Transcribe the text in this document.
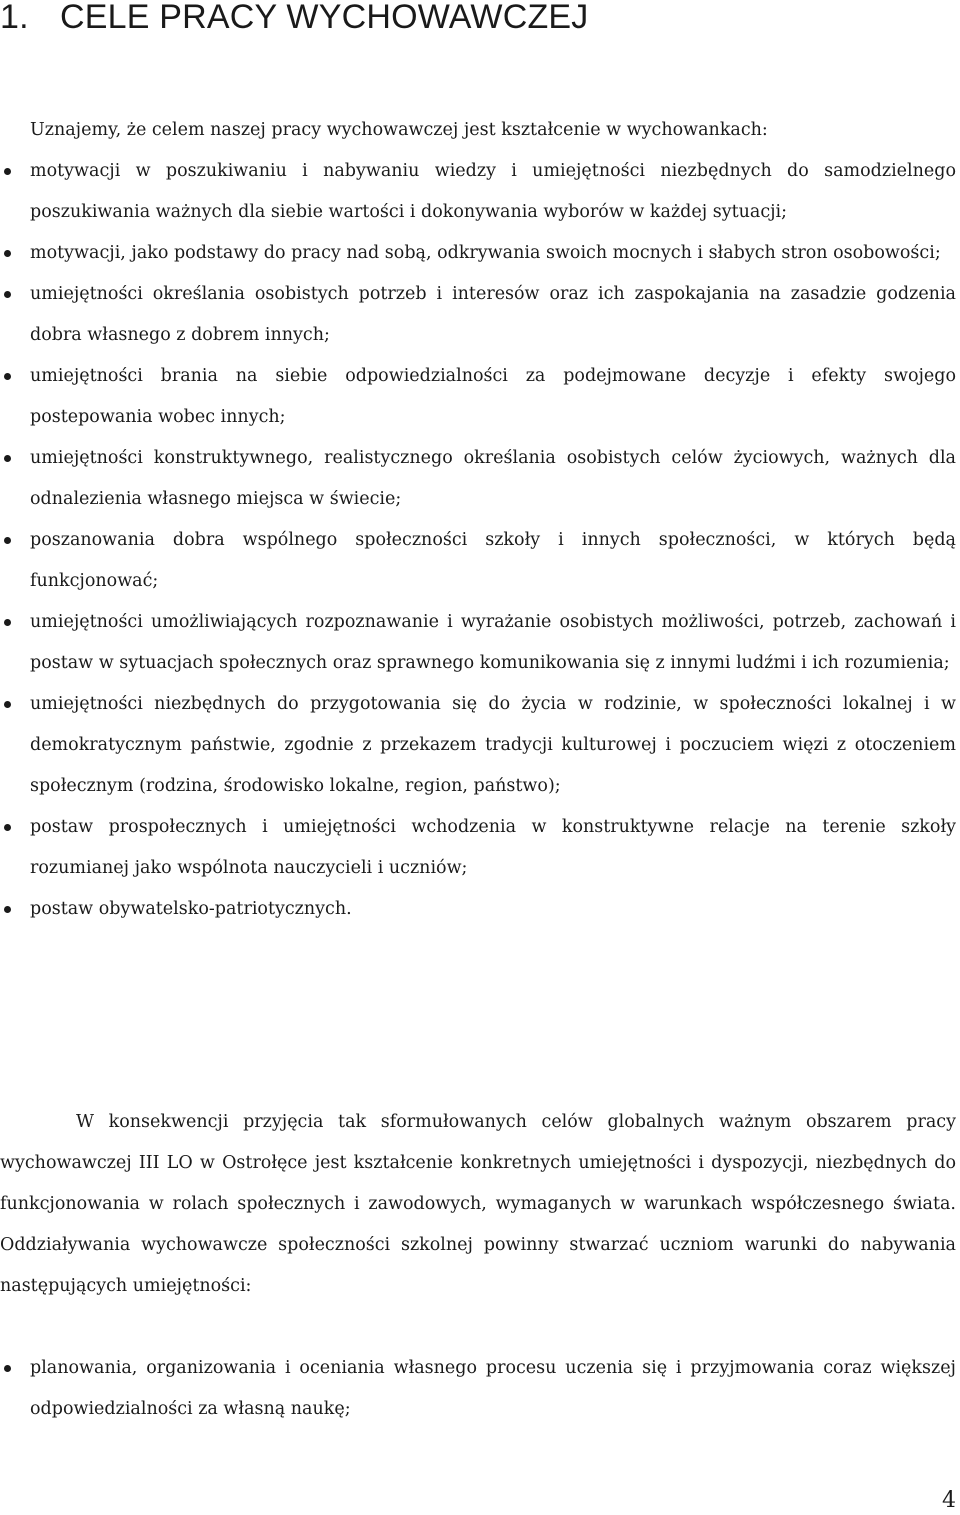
1. CELE PRACY WYCHOWAWCZEJ

Uznajemy, że celem naszej pracy wychowawczej jest kształcenie w wychowankach:

motywacji w poszukiwaniu i nabywaniu wiedzy i umiejętności niezbędnych do samodzielnego poszukiwania ważnych dla siebie wartości i dokonywania wyborów w każdej sytuacji;
motywacji, jako podstawy do pracy nad sobą, odkrywania swoich mocnych i słabych stron osobowości;
umiejętności określania osobistych potrzeb i interesów oraz ich zaspokajania na zasadzie godzenia dobra własnego z dobrem innych;
umiejętności brania na siebie odpowiedzialności za podejmowane decyzje i efekty swojego postepowania wobec innych;
umiejętności konstruktywnego, realistycznego określania osobistych celów życiowych, ważnych dla odnalezienia własnego miejsca w świecie;
poszanowania dobra wspólnego społeczności szkoły i innych społeczności, w których będą funkcjonować;
umiejętności umożliwiających rozpoznawanie i wyrażanie osobistych możliwości, potrzeb, zachowań i postaw w sytuacjach społecznych oraz sprawnego komunikowania się z innymi ludźmi i ich rozumienia;
umiejętności niezbędnych do przygotowania się do życia w rodzinie, w społeczności lokalnej i w demokratycznym państwie, zgodnie z przekazem tradycji kulturowej i poczuciem więzi z otoczeniem społecznym (rodzina, środowisko lokalne, region, państwo);
postaw prospołecznych i umiejętności wchodzenia w konstruktywne relacje na terenie szkoły rozumianej jako wspólnota nauczycieli i uczniów;
postaw obywatelsko-patriotycznych.

W konsekwencji przyjęcia tak sformułowanych celów globalnych ważnym obszarem pracy wychowawczej III LO w Ostrołęce jest kształcenie konkretnych umiejętności i dyspozycji, niezbędnych do funkcjonowania w rolach społecznych i zawodowych, wymaganych w warunkach współczesnego świata. Oddziaływania wychowawcze społeczności szkolnej powinny stwarzać uczniom warunki do nabywania następujących umiejętności:

planowania, organizowania i oceniania własnego procesu uczenia się i przyjmowania coraz większej odpowiedzialności za własną naukę;
4
